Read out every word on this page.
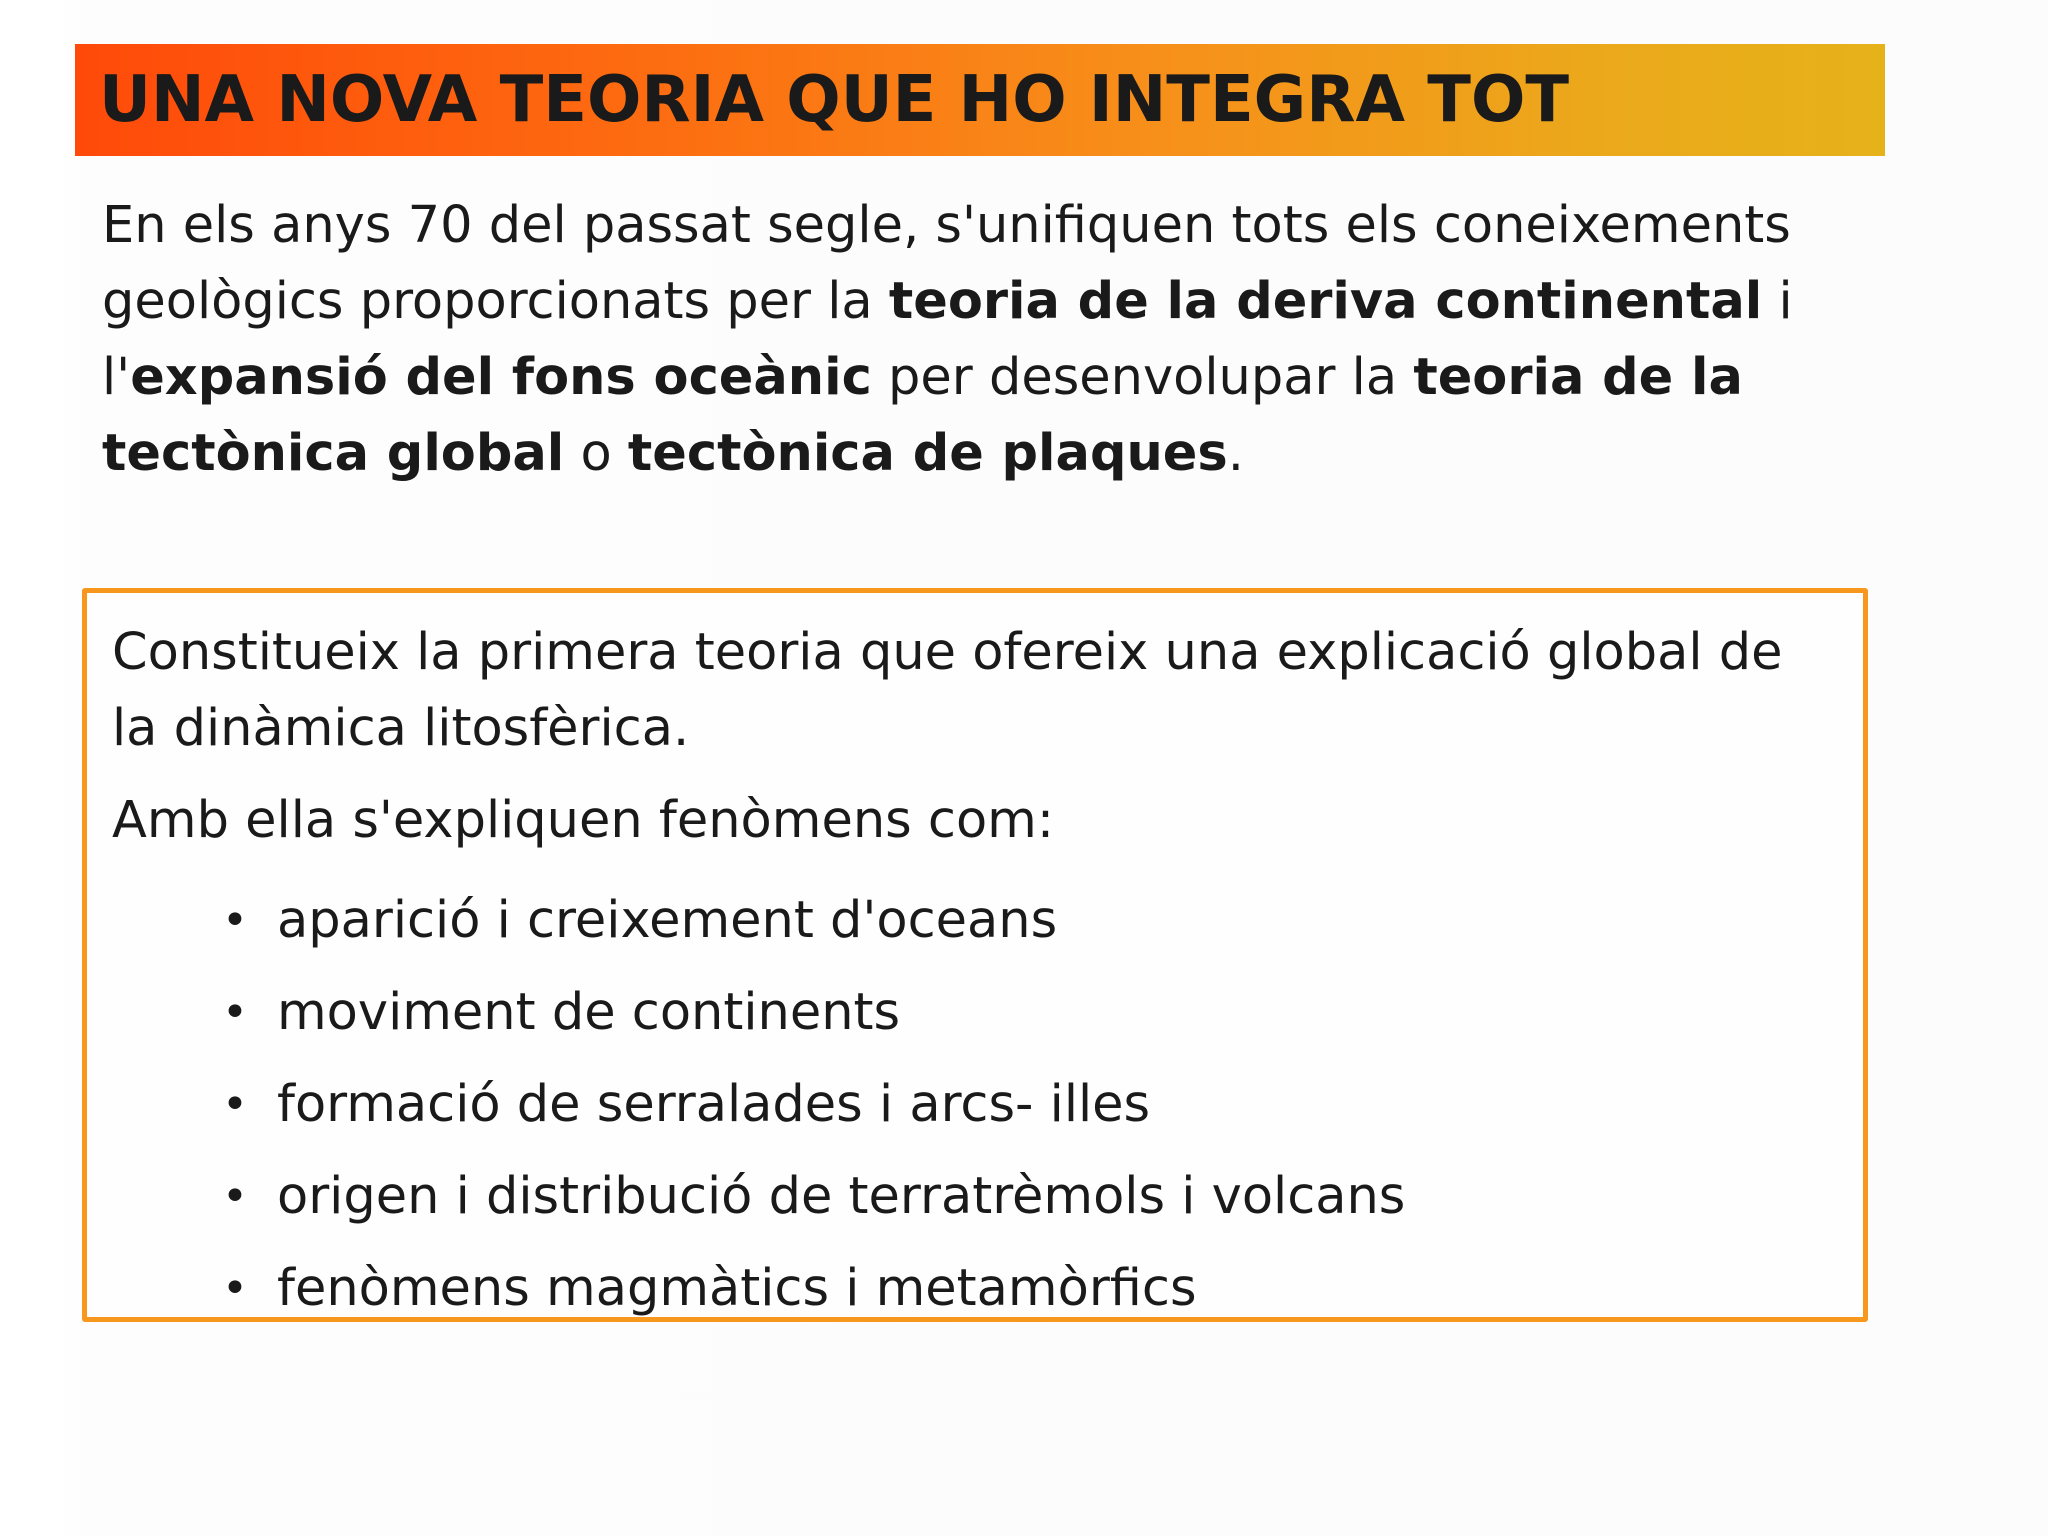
UNA NOVA TEORIA QUE HO INTEGRA TOT
En els anys 70 del passat segle, s'unifiquen tots els coneixements geològics proporcionats per la teoria de la deriva continental i l'expansió del fons oceànic per desenvolupar la teoria de la tectònica global o tectònica de plaques.
Constitueix la primera teoria que ofereix una explicació global de la dinàmica litosfèrica.
Amb ella s'expliquen fenòmens com:
• aparició i creixement d'oceans
• moviment de continents
• formació de serralades i arcs- illes
• origen i distribució de terratrèmols i volcans
• fenòmens magmàtics i metamòrfics
